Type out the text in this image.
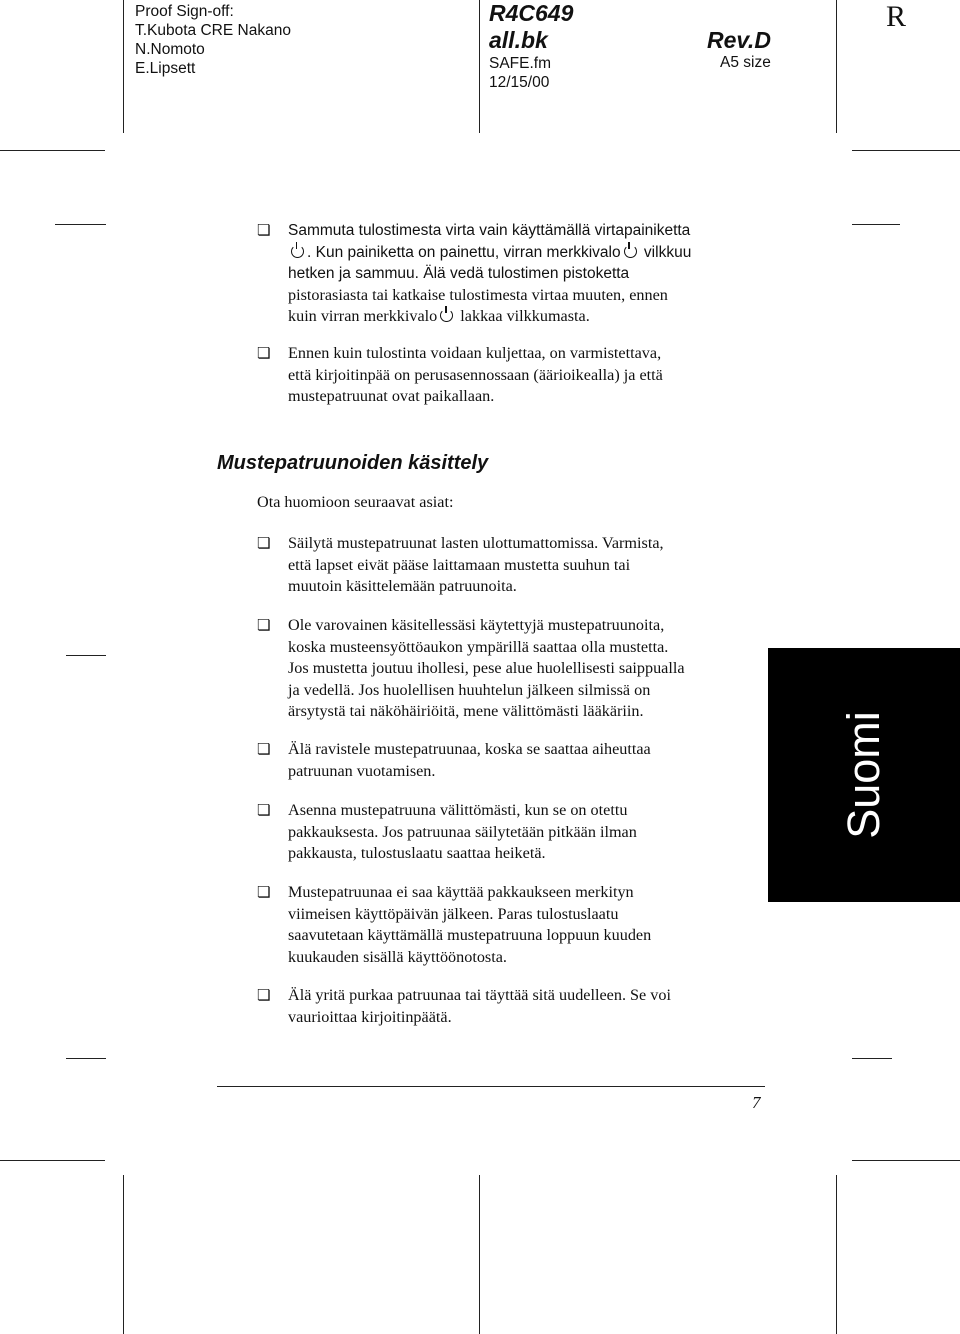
Proof Sign-off:
T.Kubota CRE Nakano
N.Nomoto
E.Lipsett
R4C649
all.bk
SAFE.fm
12/15/00
Rev.D
A5 size
R
❏ Sammuta tulostimesta virta vain käyttämällä virtapainiketta
. Kun painiketta on painettu, virran merkkivalo vilkkuu
hetken ja sammuu. Älä vedä tulostimen pistoketta
pistorasiasta tai katkaise tulostimesta virtaa muuten, ennen
kuin virran merkkivalo lakkaa vilkkumasta.
❏ Ennen kuin tulostinta voidaan kuljettaa, on varmistettava,
että kirjoitinpää on perusasennossaan (äärioikealla) ja että
mustepatruunat ovat paikallaan.
Mustepatruunoiden käsittely
Ota huomioon seuraavat asiat:
❏ Säilytä mustepatruunat lasten ulottumattomissa. Varmista,
että lapset eivät pääse laittamaan mustetta suuhun tai
muutoin käsittelemään patruunoita.
❏ Ole varovainen käsitellessäsi käytettyjä mustepatruunoita,
koska musteensyöttöaukon ympärillä saattaa olla mustetta.
Jos mustetta joutuu ihollesi, pese alue huolellisesti saippualla
ja vedellä. Jos huolellisen huuhtelun jälkeen silmissä on
ärsytystä tai näköhäiriöitä, mene välittömästi lääkäriin.
❏ Älä ravistele mustepatruunaa, koska se saattaa aiheuttaa
patruunan vuotamisen.
❏ Asenna mustepatruuna välittömästi, kun se on otettu
pakkauksesta. Jos patruunaa säilytetään pitkään ilman
pakkausta, tulostuslaatu saattaa heiketä.
❏ Mustepatruunaa ei saa käyttää pakkaukseen merkityn
viimeisen käyttöpäivän jälkeen. Paras tulostuslaatu
saavutetaan käyttämällä mustepatruuna loppuun kuuden
kuukauden sisällä käyttöönotosta.
❏ Älä yritä purkaa patruunaa tai täyttää sitä uudelleen. Se voi
vaurioittaa kirjoitinpäätä.
Suomi
7
